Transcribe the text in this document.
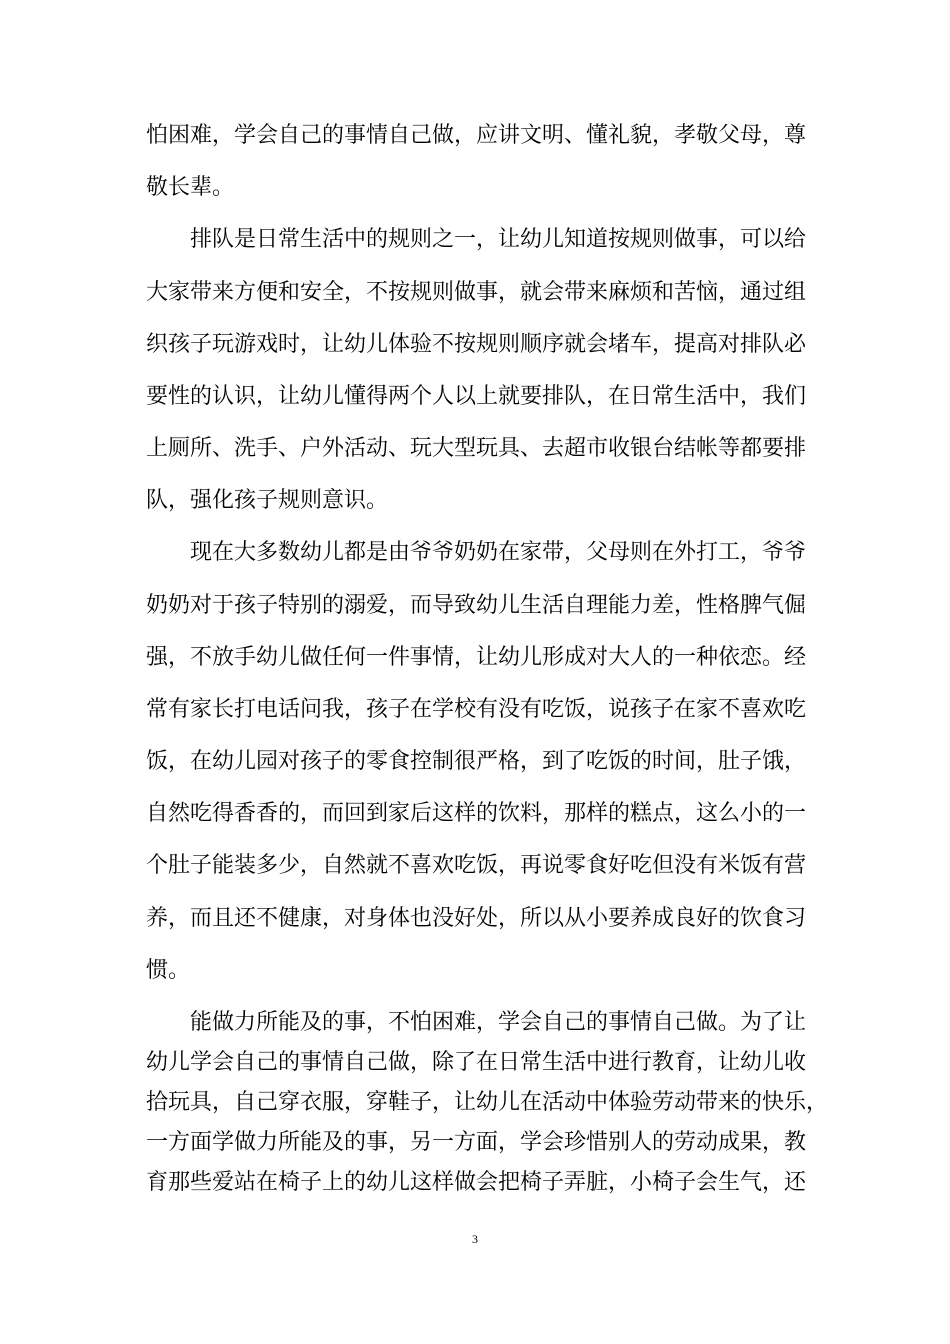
怕困难，学会自己的事情自己做，应讲文明、懂礼貌，孝敬父母，尊
敬长辈。
排队是日常生活中的规则之一，让幼儿知道按规则做事，可以给
大家带来方便和安全，不按规则做事，就会带来麻烦和苦恼，通过组
织孩子玩游戏时，让幼儿体验不按规则顺序就会堵车，提高对排队必
要性的认识，让幼儿懂得两个人以上就要排队，在日常生活中，我们
上厕所、洗手、户外活动、玩大型玩具、去超市收银台结帐等都要排
队，强化孩子规则意识。
现在大多数幼儿都是由爷爷奶奶在家带，父母则在外打工，爷爷
奶奶对于孩子特别的溺爱，而导致幼儿生活自理能力差，性格脾气倔
强，不放手幼儿做任何一件事情，让幼儿形成对大人的一种依恋。经
常有家长打电话问我，孩子在学校有没有吃饭，说孩子在家不喜欢吃
饭，在幼儿园对孩子的零食控制很严格，到了吃饭的时间，肚子饿，
自然吃得香香的，而回到家后这样的饮料，那样的糕点，这么小的一
个肚子能装多少，自然就不喜欢吃饭，再说零食好吃但没有米饭有营
养，而且还不健康，对身体也没好处，所以从小要养成良好的饮食习
惯。
能做力所能及的事，不怕困难，学会自己的事情自己做。为了让
幼儿学会自己的事情自己做，除了在日常生活中进行教育，让幼儿收
拾玩具，自己穿衣服，穿鞋子，让幼儿在活动中体验劳动带来的快乐，
一方面学做力所能及的事，另一方面，学会珍惜别人的劳动成果，教
3
育那些爱站在椅子上的幼儿这样做会把椅子弄脏，小椅子会生气，还
